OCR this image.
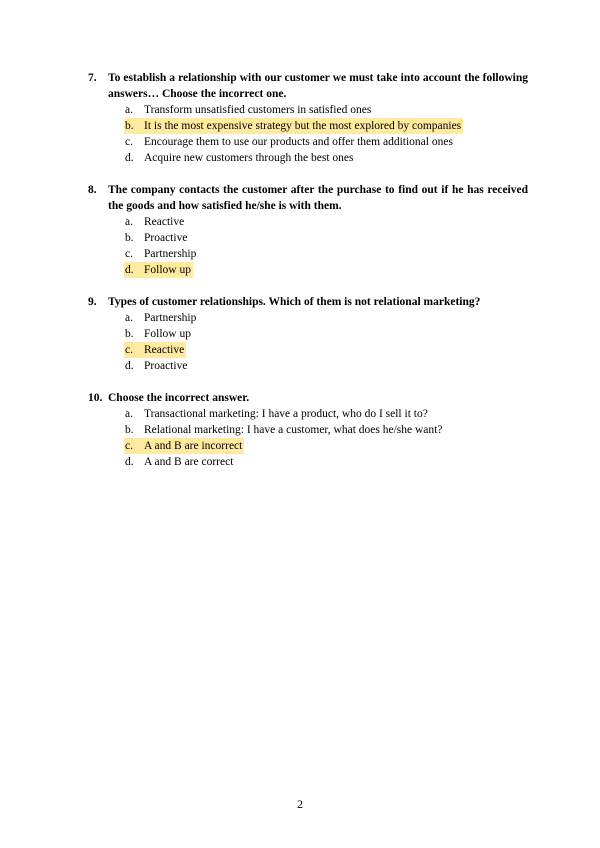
7. To establish a relationship with our customer we must take into account the following answers… Choose the incorrect one.
a. Transform unsatisfied customers in satisfied ones
b. It is the most expensive strategy but the most explored by companies
c. Encourage them to use our products and offer them additional ones
d. Acquire new customers through the best ones
8. The company contacts the customer after the purchase to find out if he has received the goods and how satisfied he/she is with them.
a. Reactive
b. Proactive
c. Partnership
d. Follow up
9. Types of customer relationships. Which of them is not relational marketing?
a. Partnership
b. Follow up
c. Reactive
d. Proactive
10. Choose the incorrect answer.
a. Transactional marketing: I have a product, who do I sell it to?
b. Relational marketing: I have a customer, what does he/she want?
c. A and B are incorrect
d. A and B are correct
2
